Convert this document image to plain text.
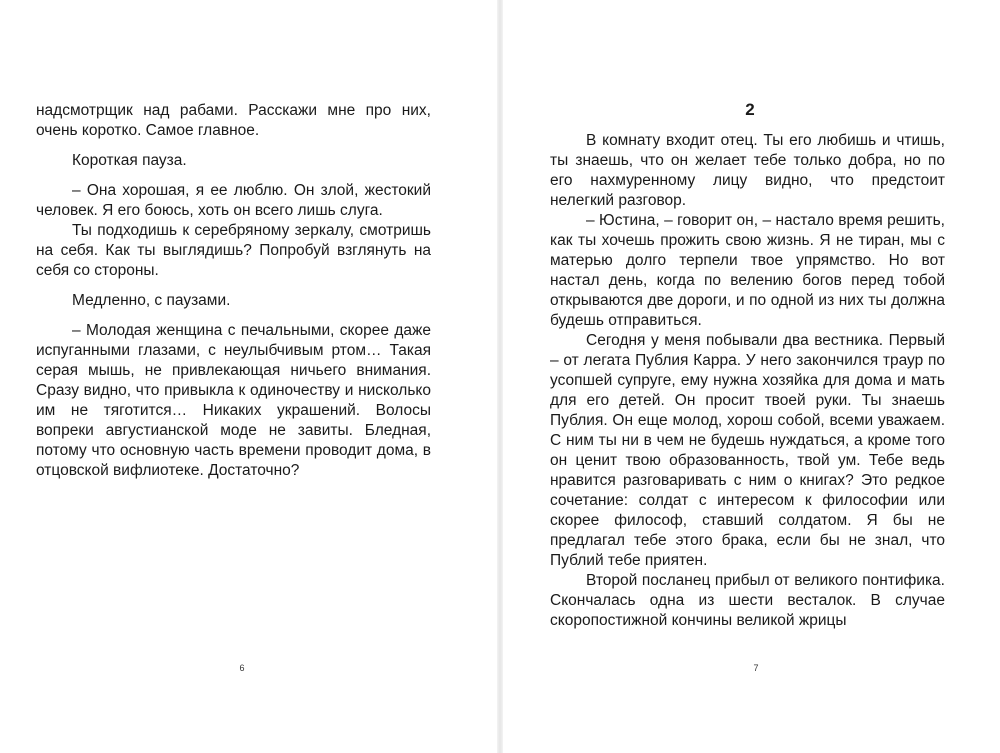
надсмотрщик над рабами. Расскажи мне про них, очень коротко. Самое главное.

Короткая пауза.

– Она хорошая, я ее люблю. Он злой, жестокий человек. Я его боюсь, хоть он всего лишь слуга.

Ты подходишь к серебряному зеркалу, смотришь на себя. Как ты выглядишь? Попробуй взглянуть на себя со стороны.

Медленно, с паузами.

– Молодая женщина с печальными, скорее даже испуганными глазами, с неулыбчивым ртом… Такая серая мышь, не привлекающая ничьего внимания. Сразу видно, что привыкла к одиночеству и нисколько им не тяготится… Никаких украшений. Волосы вопреки августианской моде не завиты. Бледная, потому что основную часть времени проводит дома, в отцовской вифлиотеке. Достаточно?

6
2

В комнату входит отец. Ты его любишь и чтишь, ты знаешь, что он желает тебе только добра, но по его нахмуренному лицу видно, что предстоит нелегкий разговор.

– Юстина, – говорит он, – настало время решить, как ты хочешь прожить свою жизнь. Я не тиран, мы с матерью долго терпели твое упрямство. Но вот настал день, когда по велению богов перед тобой открываются две дороги, и по одной из них ты должна будешь отправиться.

Сегодня у меня побывали два вестника. Первый – от легата Публия Карра. У него закончился траур по усопшей супруге, ему нужна хозяйка для дома и мать для его детей. Он просит твоей руки. Ты знаешь Публия. Он еще молод, хорош собой, всеми уважаем. С ним ты ни в чем не будешь нуждаться, а кроме того он ценит твою образованность, твой ум. Тебе ведь нравится разговаривать с ним о книгах? Это редкое сочетание: солдат с интересом к философии или скорее философ, ставший солдатом. Я бы не предлагал тебе этого брака, если бы не знал, что Публий тебе приятен.

Второй посланец прибыл от великого понтифика. Скончалась одна из шести весталок. В случае скоропостижной кончины великой жрицы

7
